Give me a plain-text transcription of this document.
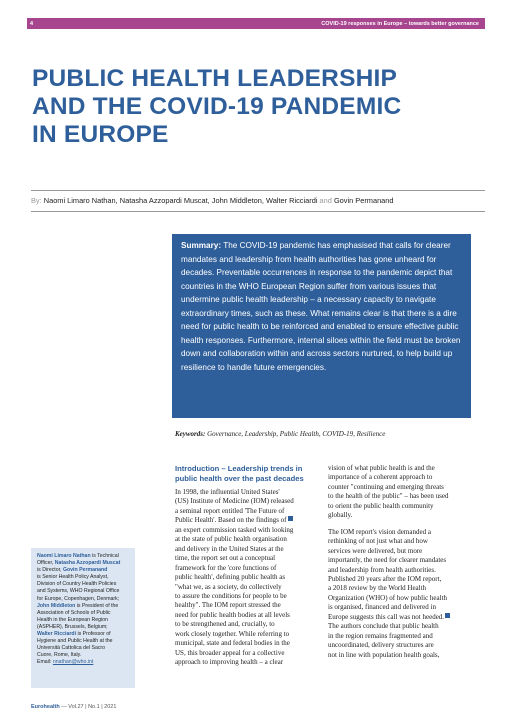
4	COVID-19 responses in Europe – towards better governance
PUBLIC HEALTH LEADERSHIP
AND THE COVID-19 PANDEMIC
IN EUROPE
By: Naomi Limaro Nathan, Natasha Azzopardi Muscat, John Middleton, Walter Ricciardi and Govin Permanand
Summary: The COVID-19 pandemic has emphasised that calls for clearer mandates and leadership from health authorities has gone unheard for decades. Preventable occurrences in response to the pandemic depict that countries in the WHO European Region suffer from various issues that undermine public health leadership – a necessary capacity to navigate extraordinary times, such as these. What remains clear is that there is a dire need for public health to be reinforced and enabled to ensure effective public health responses. Furthermore, internal siloes within the field must be broken down and collaboration within and across sectors nurtured, to help build up resilience to handle future emergencies.
Keywords: Governance, Leadership, Public Health, COVID-19, Resilience
Introduction – Leadership trends in
public health over the past decades

In 1998, the influential United States'
(US) Institute of Medicine (IOM) released
a seminal report entitled 'The Future of
Public Health'. Based on the findings of
an expert commission tasked with looking
at the state of public health organisation
and delivery in the United States at the
time, the report set out a conceptual
framework for the 'core functions of
public health', defining public health as
"what we, as a society, do collectively
to assure the conditions for people to be
healthy". The IOM report stressed the
need for public health bodies at all levels
to be strengthened and, crucially, to
work closely together. While referring to
municipal, state and federal bodies in the
US, this broader appeal for a collective
approach to improving health – a clear

vision of what public health is and the
importance of a coherent approach to
counter "continuing and emerging threats
to the health of the public" – has been used
to orient the public health community
globally.

The IOM report's vision demanded a
rethinking of not just what and how
services were delivered, but more
importantly, the need for clearer mandates
and leadership from health authorities.
Published 20 years after the IOM report,
a 2018 review by the World Health
Organization (WHO) of how public health
is organised, financed and delivered in
Europe suggests this call was not heeded.
The authors conclude that public health
in the region remains fragmented and
uncoordinated, delivery structures are
not in line with population health goals,

Naomi Limaro Nathan is Technical
Officer, Natasha Azzopardi Muscat
is Director, Govin Permanand
is Senior Health Policy Analyst,
Division of Country Health Policies
and Systems, WHO Regional Office
for Europe, Copenhagen, Denmark;
John Middleton is President of the
Association of Schools of Public
Health in the European Region
(ASPHER), Brussels, Belgium;
Walter Ricciardi is Professor of
Hygiene and Public Health at the
Università Cattolica del Sacro
Cuore, Rome, Italy.
Email: nnathan@who.int
Eurohealth — Vol.27 | No.1 | 2021
